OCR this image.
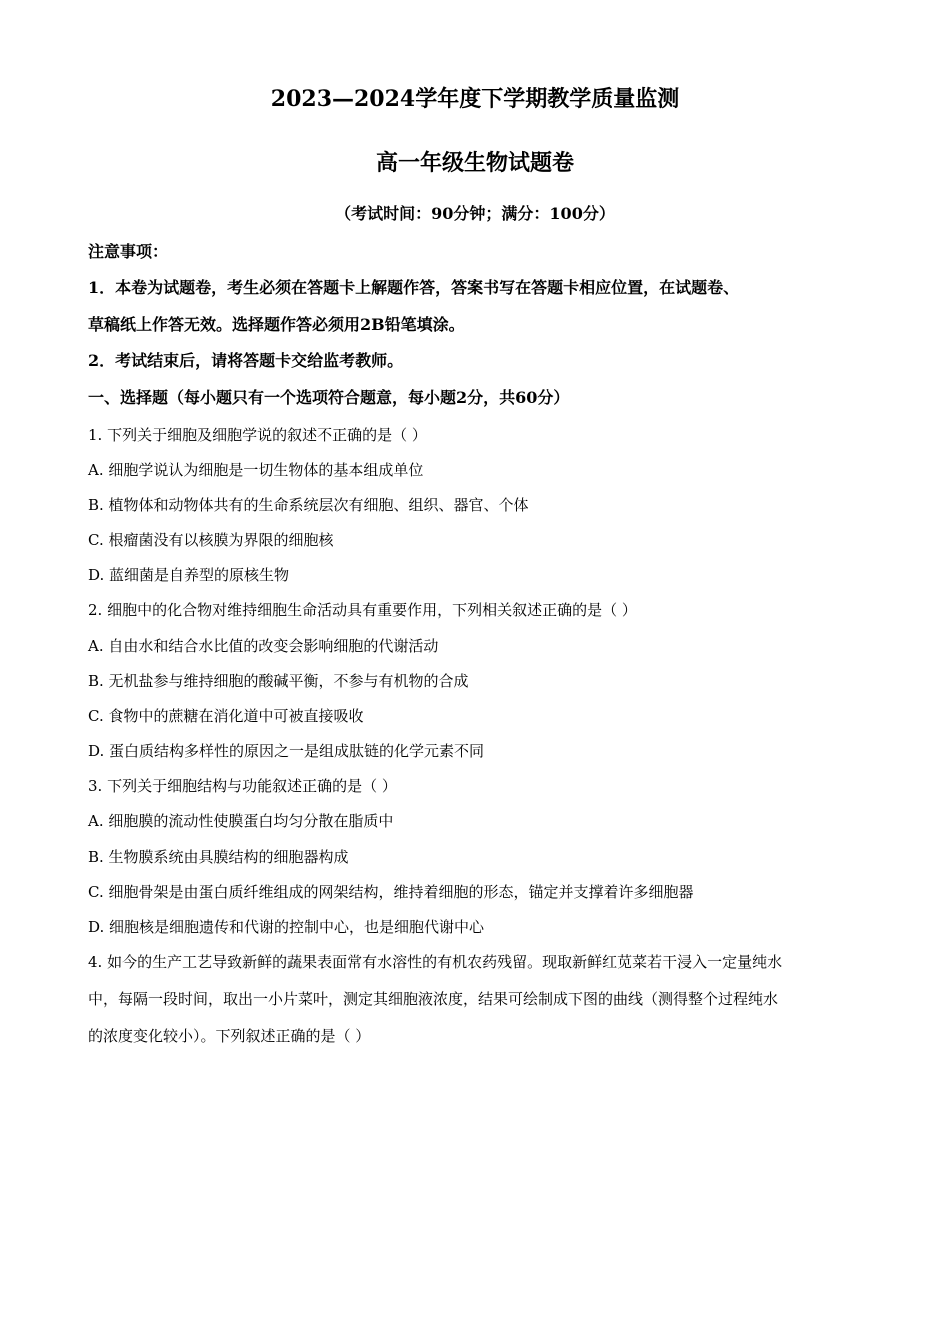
2023—2024学年度下学期教学质量监测
高一年级生物试题卷
（考试时间：90分钟；满分：100分）
注意事项：
1．本卷为试题卷，考生必须在答题卡上解题作答，答案书写在答题卡相应位置，在试题卷、
草稿纸上作答无效。选择题作答必须用2B铅笔填涂。
2．考试结束后，请将答题卡交给监考教师。
一、选择题（每小题只有一个选项符合题意，每小题2分，共60分）
1. 下列关于细胞及细胞学说的叙述不正确的是（ ）
A. 细胞学说认为细胞是一切生物体的基本组成单位
B. 植物体和动物体共有的生命系统层次有细胞、组织、器官、个体
C. 根瘤菌没有以核膜为界限的细胞核
D. 蓝细菌是自养型的原核生物
2. 细胞中的化合物对维持细胞生命活动具有重要作用，下列相关叙述正确的是（ ）
A. 自由水和结合水比值的改变会影响细胞的代谢活动
B. 无机盐参与维持细胞的酸碱平衡，不参与有机物的合成
C. 食物中的蔗糖在消化道中可被直接吸收
D. 蛋白质结构多样性的原因之一是组成肽链的化学元素不同
3. 下列关于细胞结构与功能叙述正确的是（ ）
A. 细胞膜的流动性使膜蛋白均匀分散在脂质中
B. 生物膜系统由具膜结构的细胞器构成
C. 细胞骨架是由蛋白质纤维组成的网架结构，维持着细胞的形态，锚定并支撑着许多细胞器
D. 细胞核是细胞遗传和代谢的控制中心，也是细胞代谢中心
4. 如今的生产工艺导致新鲜的蔬果表面常有水溶性的有机农药残留。现取新鲜红苋菜若干浸入一定量纯水
中，每隔一段时间，取出一小片菜叶，测定其细胞液浓度，结果可绘制成下图的曲线（测得整个过程纯水
的浓度变化较小）。下列叙述正确的是（ ）
